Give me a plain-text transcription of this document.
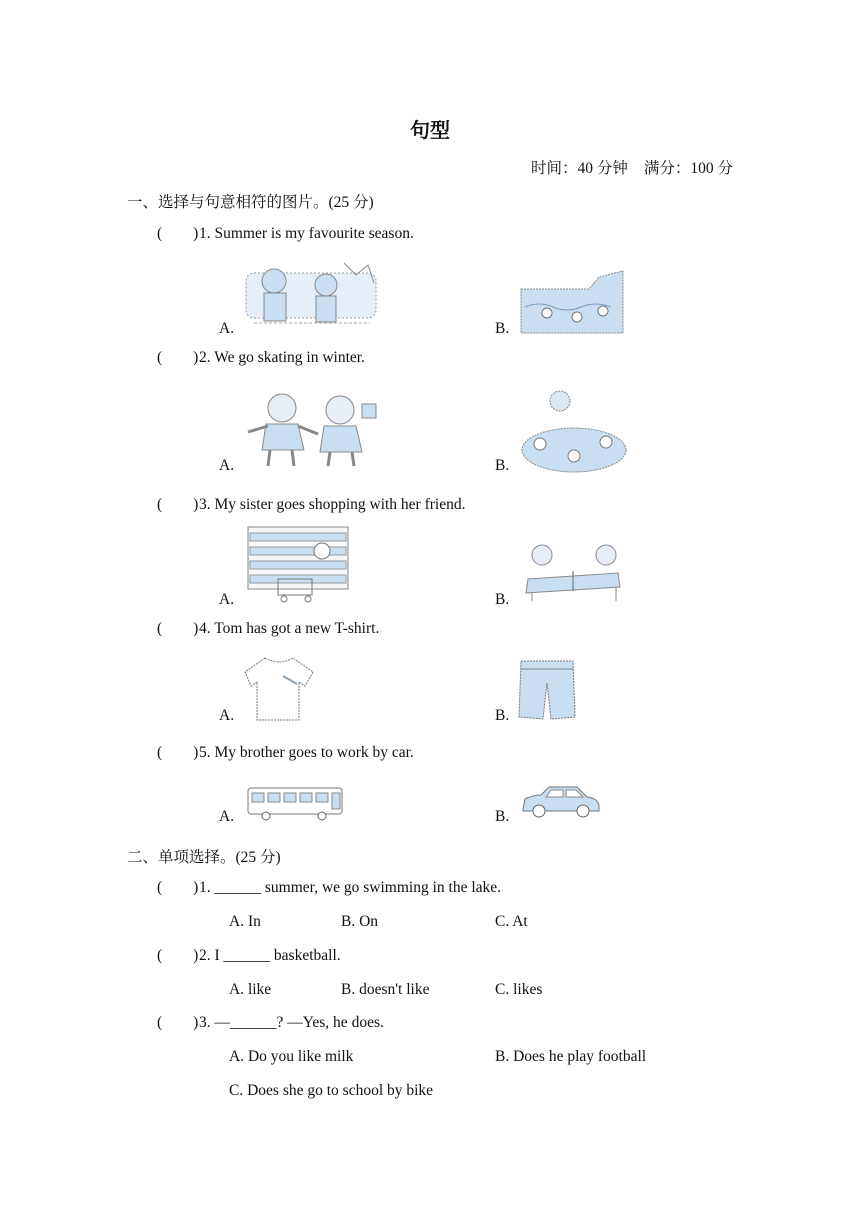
句型
时间：40 分钟 满分：100 分
一、选择与句意相符的图片。(25 分)
(        )1. Summer is my favourite season.
A.	B.
(        )2. We go skating in winter.
A.	B.
(        )3. My sister goes shopping with her friend.
A.	B.
(        )4. Tom has got a new T-shirt.
A.	B.
(        )5. My brother goes to work by car.
A.	B.
二、单项选择。(25 分)
(        )1. ______ summer, we go swimming in the lake.
A. In	B. On	C. At
(        )2. I ______ basketball.
A. like	B. doesn't like	C. likes
(        )3. —______? —Yes, he does.
A. Do you like milk	B. Does he play football
C. Does she go to school by bike
